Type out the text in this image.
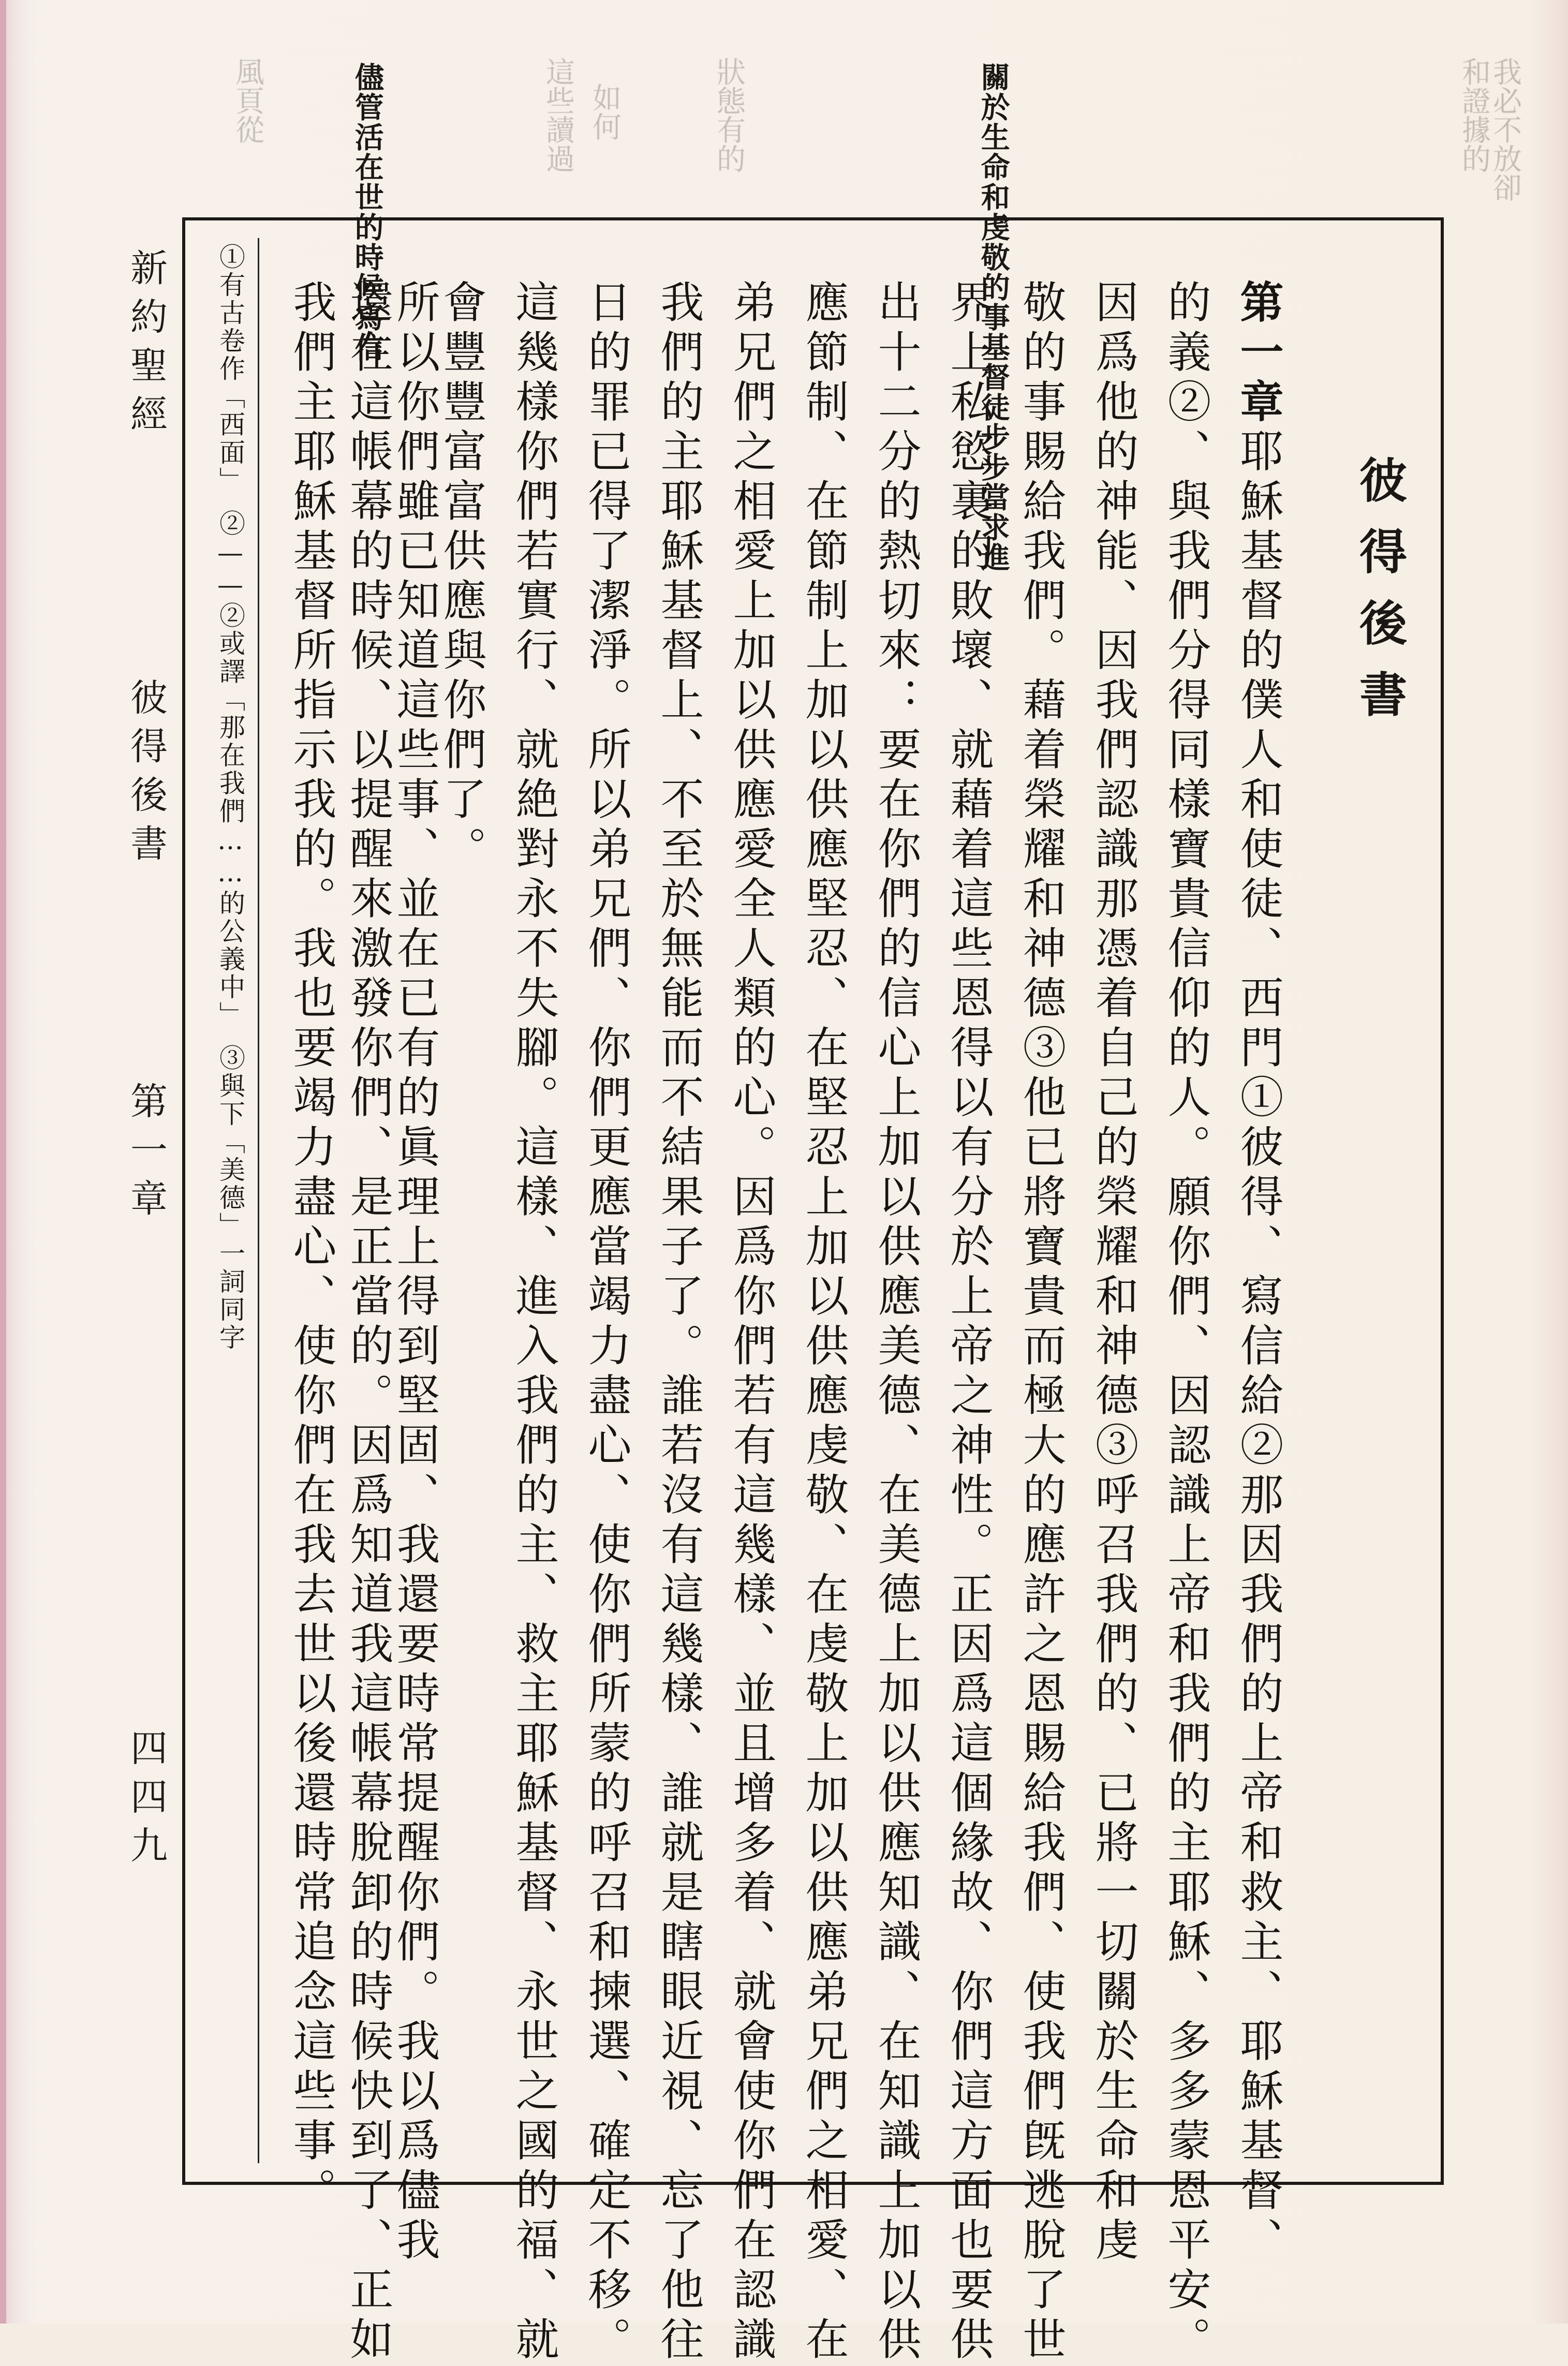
我必不放卻
和證據的
狀態有的
如何
這些讀過
風頁從	關於生命和虔敬的事基督徒步步當求進
儘管活在世的時候寫信
彼得後書
第一章耶穌基督的僕人和使徒、西門①彼得、寫信給②那因我們的上帝和救主、耶穌基督、
的義②、與我們分得同樣寶貴信仰的人。願你們、因認識上帝和我們的主耶穌、多多蒙恩平安。
因爲他的神能、因我們認識那憑着自己的榮耀和神德③呼召我們的、已將一切關於生命和虔
敬的事賜給我們。藉着榮耀和神德③他已將寶貴而極大的應許之恩賜給我們、使我們旣逃脫了世
界上私慾裏的敗壞、就藉着這些恩得以有分於上帝之神性。正因爲這個緣故、你們這方面也要供
出十二分的熱切來：要在你們的信心上加以供應美德、在美德上加以供應知識、在知識上加以供
應節制、在節制上加以供應堅忍、在堅忍上加以供應虔敬、在虔敬上加以供應弟兄們之相愛、在
弟兄們之相愛上加以供應愛全人類的心。因爲你們若有這幾樣、並且增多着、就會使你們在認識
我們的主耶穌基督上、不至於無能而不結果子了。誰若沒有這幾樣、誰就是瞎眼近視、忘了他往
日的罪已得了潔淨。所以弟兄們、你們更應當竭力盡心、使你們所蒙的呼召和揀選、確定不移。
這幾樣你們若實行、就絶對永不失腳。這樣、進入我們的主、救主耶穌基督、永世之國的福、就
會豐豐富富供應與你們了。
所以你們雖已知道這些事、並在已有的眞理上得到堅固、我還要時常提醒你們。我以爲儘我
還在這帳幕的時候、以提醒來激發你們、是正當的。因爲知道我這帳幕脫卸的時候快到了、正如
我們主耶穌基督所指示我的。我也要竭力盡心、使你們在我去世以後還時常追念這些事。
①有古卷作「西面」　②——②或譯「那在我們……的公義中」　③與下「美德」一詞同字
新約聖經
彼得後書
第一章
四四九
